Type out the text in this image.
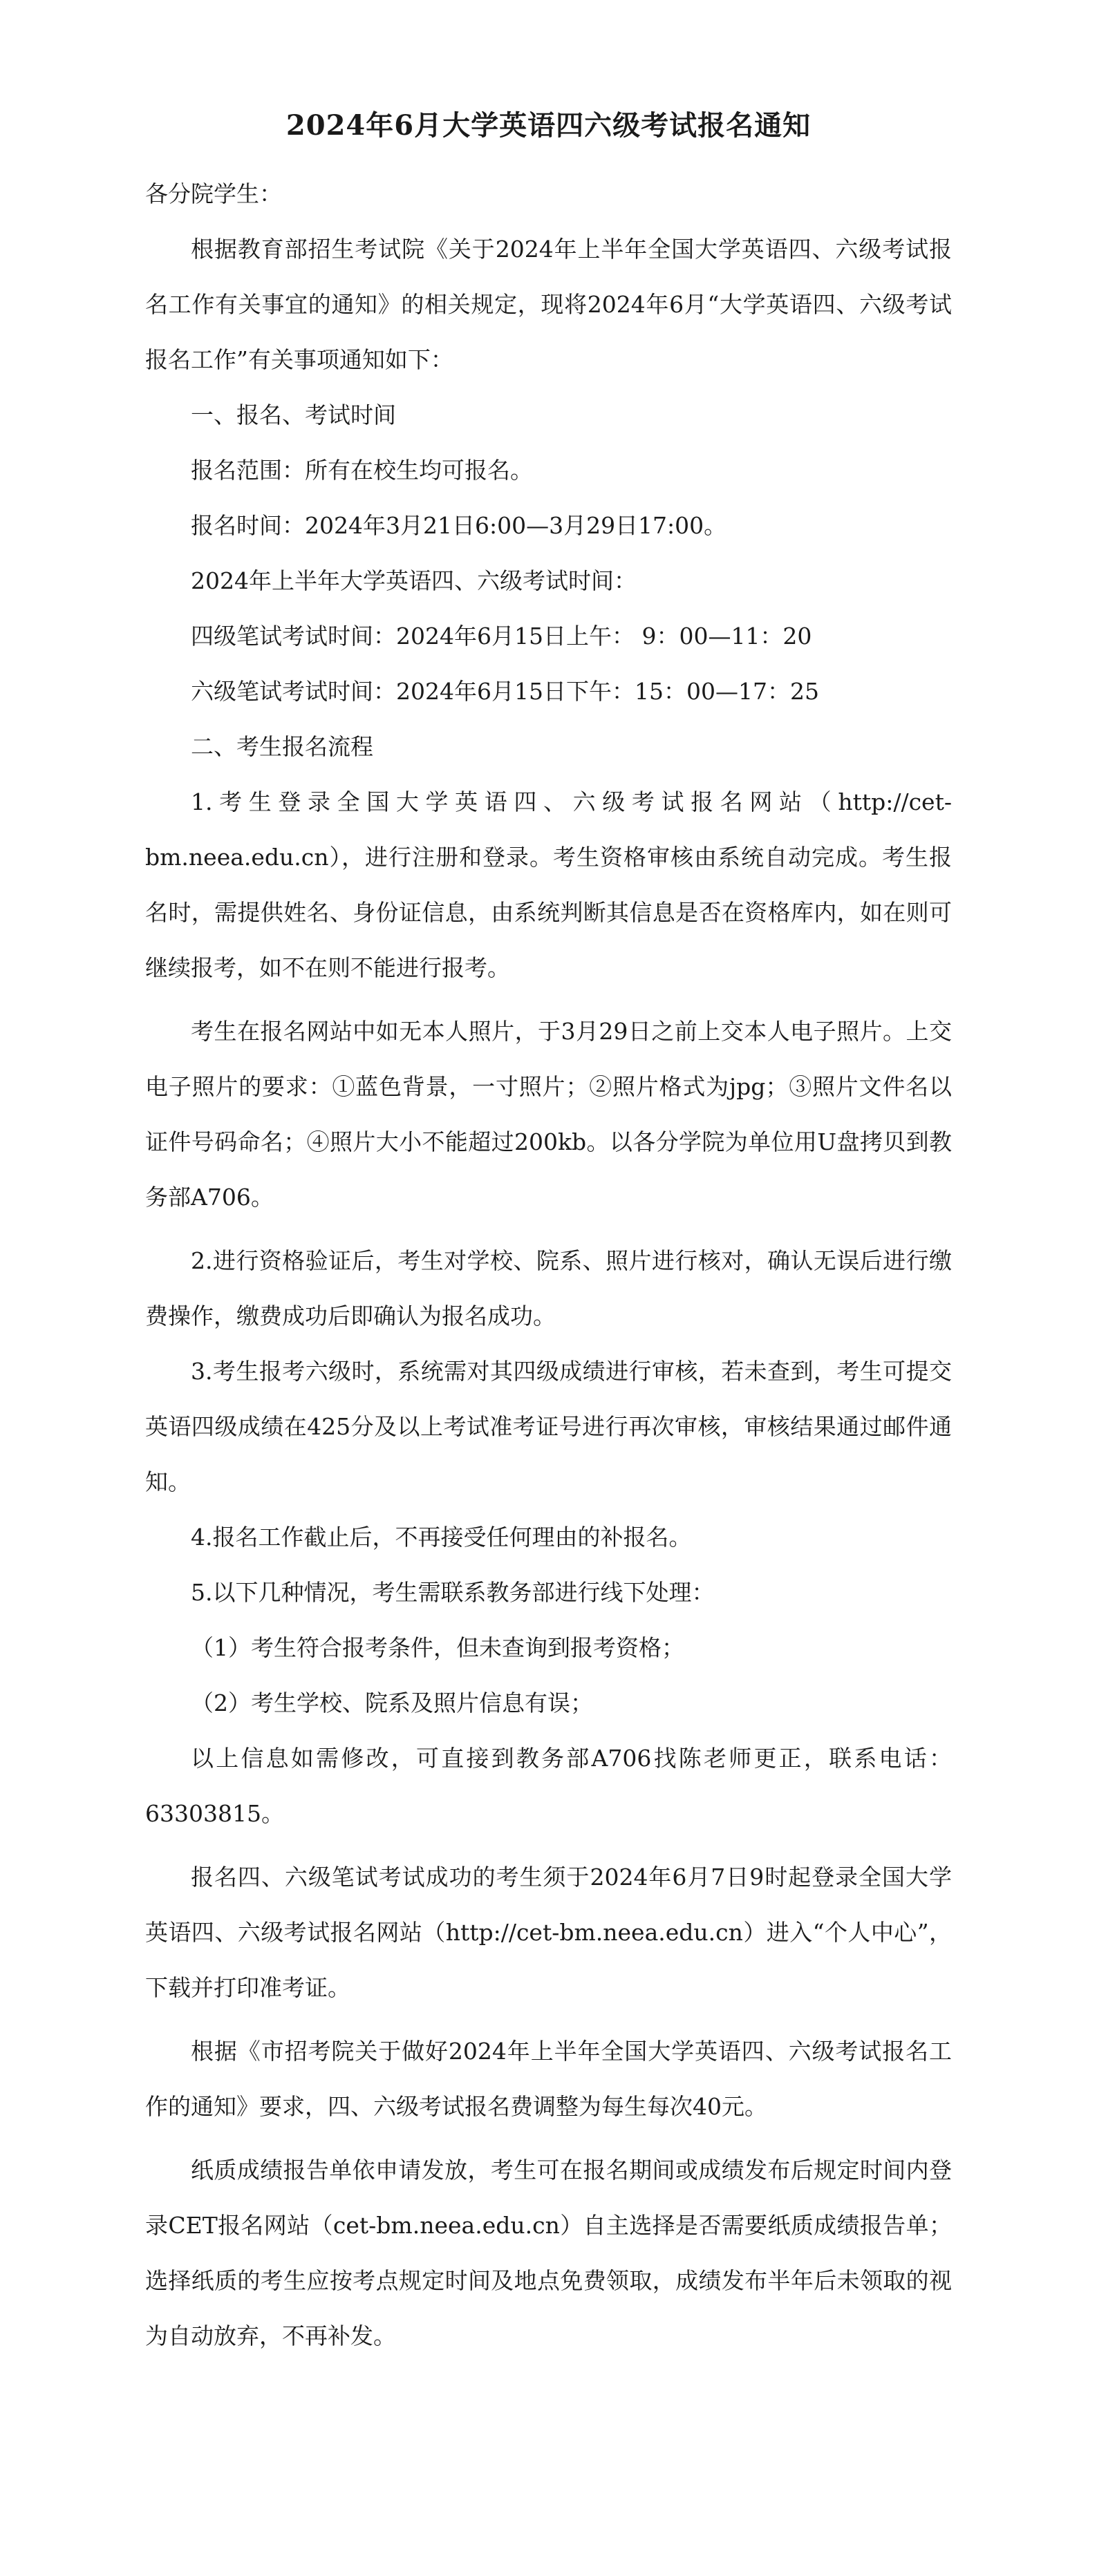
2024年6月大学英语四六级考试报名通知

各分院学生：

根据教育部招生考试院《关于2024年上半年全国大学英语四、六级考试报名工作有关事宜的通知》的相关规定，现将2024年6月“大学英语四、六级考试报名工作”有关事项通知如下：

一、报名、考试时间

报名范围：所有在校生均可报名。

报名时间：2024年3月21日6:00—3月29日17:00。

2024年上半年大学英语四、六级考试时间：

四级笔试考试时间：2024年6月15日上午： 9：00—11：20

六级笔试考试时间：2024年6月15日下午：15：00—17：25

二、考生报名流程

1.考生登录全国大学英语四、六级考试报名网站（http://cet-bm.neea.edu.cn），进行注册和登录。考生资格审核由系统自动完成。考生报名时，需提供姓名、身份证信息，由系统判断其信息是否在资格库内，如在则可继续报考，如不在则不能进行报考。

考生在报名网站中如无本人照片，于3月29日之前上交本人电子照片。上交电子照片的要求：①蓝色背景，一寸照片；②照片格式为jpg；③照片文件名以证件号码命名；④照片大小不能超过200kb。以各分学院为单位用U盘拷贝到教务部A706。

2.进行资格验证后，考生对学校、院系、照片进行核对，确认无误后进行缴费操作，缴费成功后即确认为报名成功。

3.考生报考六级时，系统需对其四级成绩进行审核，若未查到，考生可提交英语四级成绩在425分及以上考试准考证号进行再次审核，审核结果通过邮件通知。

4.报名工作截止后，不再接受任何理由的补报名。

5.以下几种情况，考生需联系教务部进行线下处理：

（1）考生符合报考条件，但未查询到报考资格；

（2）考生学校、院系及照片信息有误；

以上信息如需修改，可直接到教务部A706找陈老师更正，联系电话：63303815。

报名四、六级笔试考试成功的考生须于2024年6月7日9时起登录全国大学英语四、六级考试报名网站（http://cet-bm.neea.edu.cn）进入“个人中心”，下载并打印准考证。

根据《市招考院关于做好2024年上半年全国大学英语四、六级考试报名工作的通知》要求，四、六级考试报名费调整为每生每次40元。

纸质成绩报告单依申请发放，考生可在报名期间或成绩发布后规定时间内登录CET报名网站（cet-bm.neea.edu.cn）自主选择是否需要纸质成绩报告单；选择纸质的考生应按考点规定时间及地点免费领取，成绩发布半年后未领取的视为自动放弃，不再补发。
